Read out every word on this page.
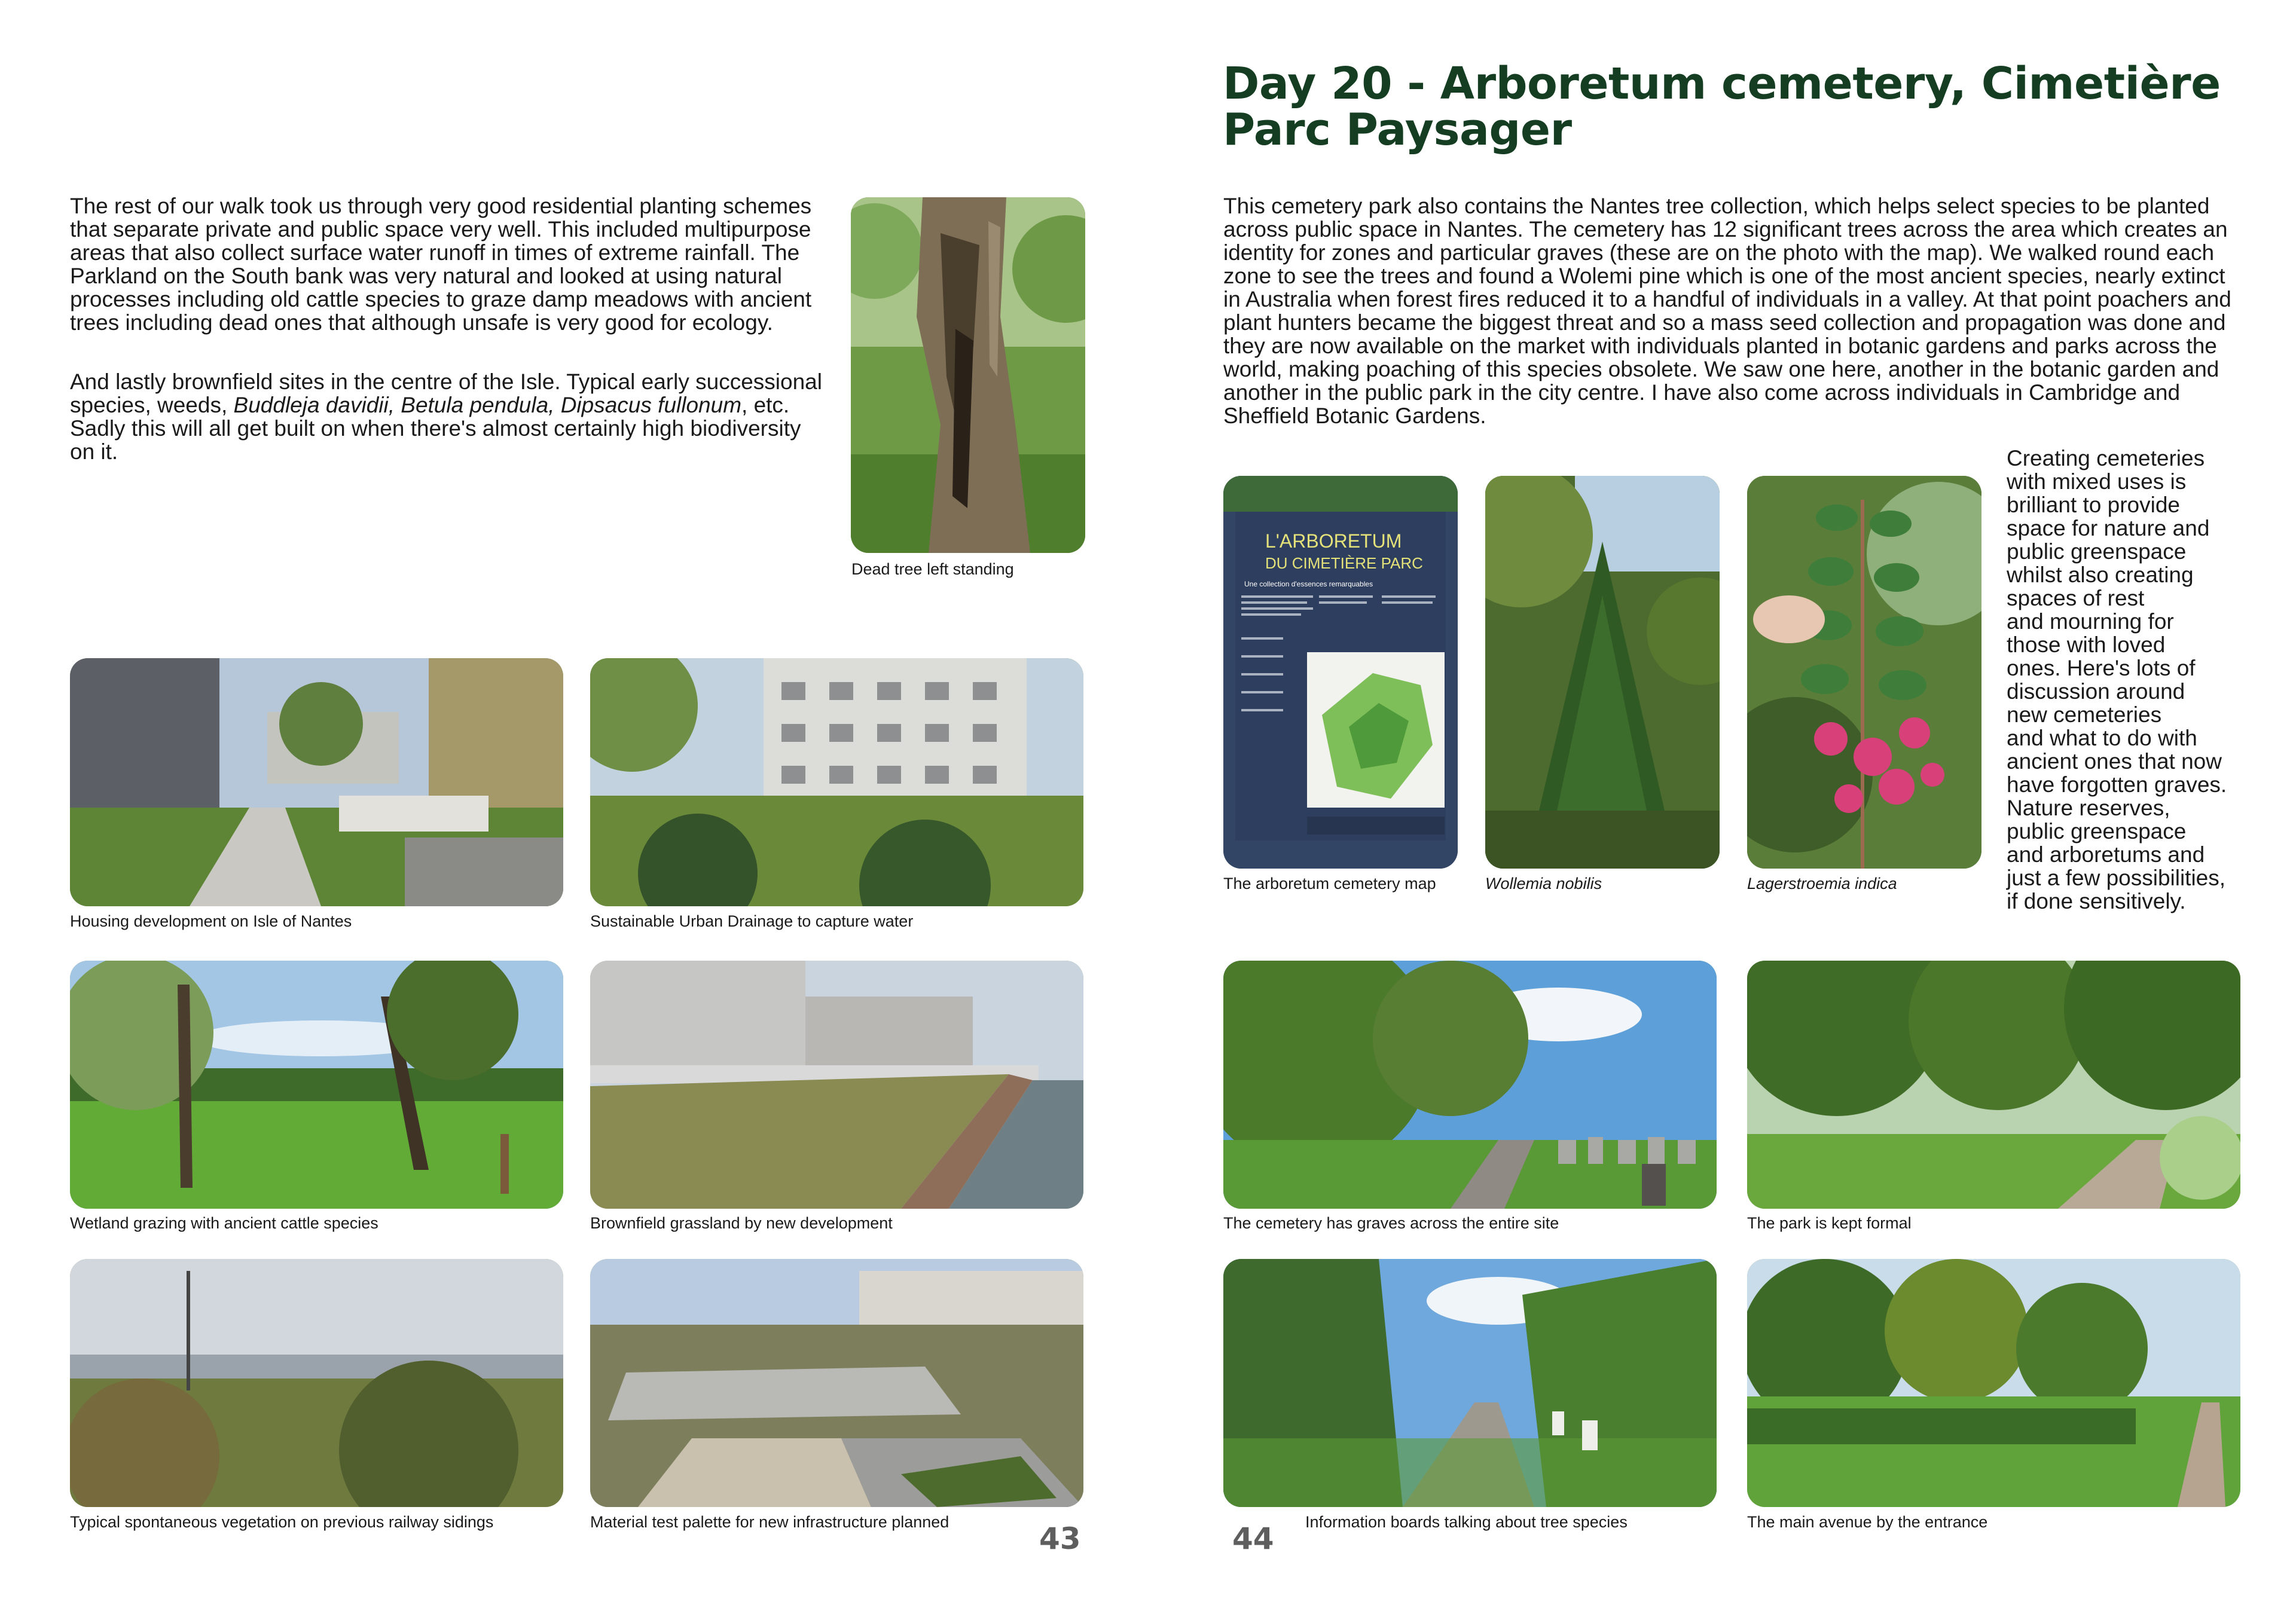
The rest of our walk took us through very good residential planting schemes that separate private and public space very well. This included multipurpose areas that also collect surface water runoff in times of extreme rainfall. The Parkland on the South bank was very natural and looked at using natural processes including old cattle species to graze damp meadows with ancient trees including dead ones that although unsafe is very good for ecology.

And lastly brownfield sites in the centre of the Isle. Typical early successional species, weeds, Buddleja davidii, Betula pendula, Dipsacus fullonum, etc. Sadly this will all get built on when there's almost certainly high biodiversity on it.

Dead tree left standing
Housing development on Isle of Nantes	Sustainable Urban Drainage to capture water
Wetland grazing with ancient cattle species	Brownfield grassland by new development
Typical spontaneous vegetation on previous railway sidings	Material test palette for new infrastructure planned	43
Day 20 - Arboretum cemetery, Cimetière
Parc Paysager

This cemetery park also contains the Nantes tree collection, which helps select species to be planted across public space in Nantes. The cemetery has 12 significant trees across the area which creates an identity for zones and particular graves (these are on the photo with the map). We walked round each zone to see the trees and found a Wolemi pine which is one of the most ancient species, nearly extinct in Australia when forest fires reduced it to a handful of individuals in a valley. At that point poachers and plant hunters became the biggest threat and so a mass seed collection and propagation was done and they are now available on the market with individuals planted in botanic gardens and parks across the world, making poaching of this species obsolete. We saw one here, another in the botanic garden and another in the public park in the city centre. I have also come across individuals in Cambridge and Sheffield Botanic Gardens.

L'ARBORETUM
DU CIMETIÈRE PARC
Une collection d'essences remarquables
The arboretum cemetery map	Wollemia nobilis	Lagerstroemia indica
Creating cemeteries
with mixed uses is
brilliant to provide
space for nature and
public greenspace
whilst also creating
spaces of rest
and mourning for
those with loved
ones. Here's lots of
discussion around
new cemeteries
and what to do with
ancient ones that now
have forgotten graves.
Nature reserves,
public greenspace
and arboretums and
just a few possibilities,
if done sensitively.
The cemetery has graves across the entire site	The park is kept formal
Information boards talking about tree species	The main avenue by the entrance
44
